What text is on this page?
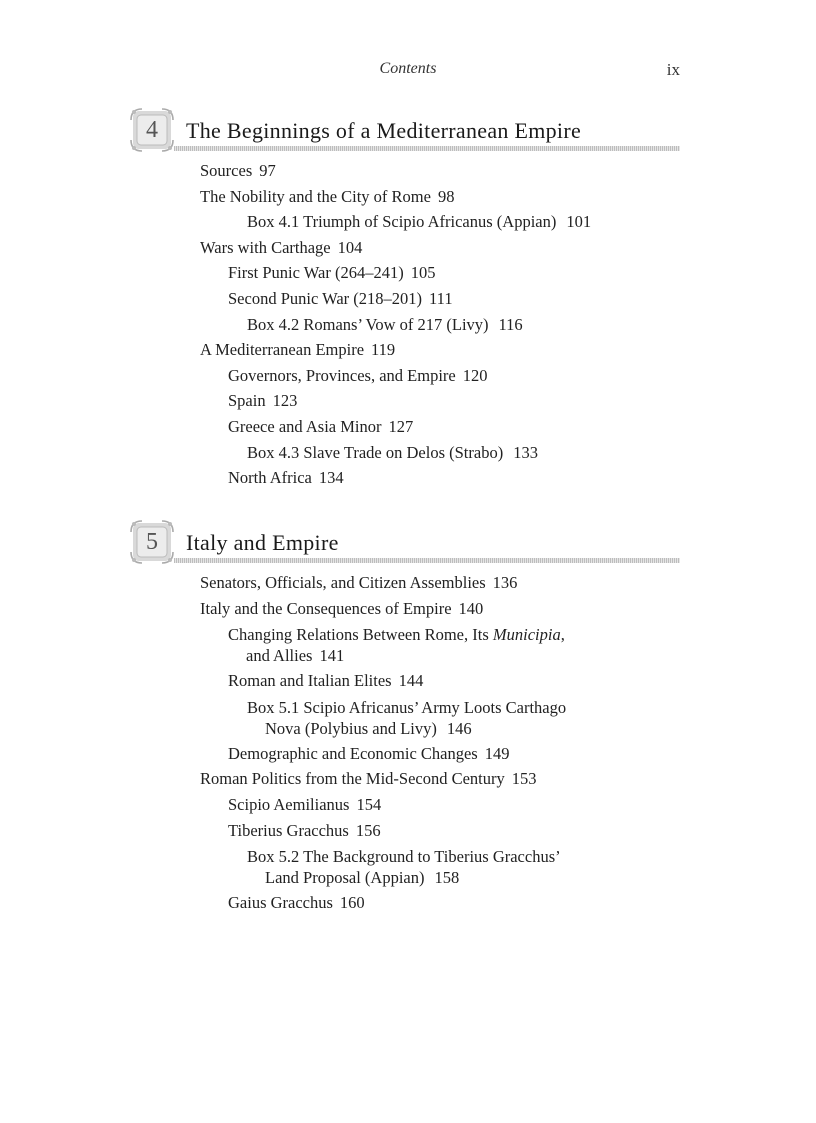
Contents	ix
4	The Beginnings of a Mediterranean Empire
Sources 97
The Nobility and the City of Rome 98
Box 4.1 Triumph of Scipio Africanus (Appian) 101
Wars with Carthage 104
First Punic War (264–241) 105
Second Punic War (218–201) 111
Box 4.2 Romans’ Vow of 217 (Livy) 116
A Mediterranean Empire 119
Governors, Provinces, and Empire 120
Spain 123
Greece and Asia Minor 127
Box 4.3 Slave Trade on Delos (Strabo) 133
North Africa 134
5	Italy and Empire
Senators, Officials, and Citizen Assemblies 136
Italy and the Consequences of Empire 140
Changing Relations Between Rome, Its Municipia,
and Allies 141
Roman and Italian Elites 144
Box 5.1 Scipio Africanus’ Army Loots Carthago
Nova (Polybius and Livy) 146
Demographic and Economic Changes 149
Roman Politics from the Mid-Second Century 153
Scipio Aemilianus 154
Tiberius Gracchus 156
Box 5.2 The Background to Tiberius Gracchus’
Land Proposal (Appian) 158
Gaius Gracchus 160
